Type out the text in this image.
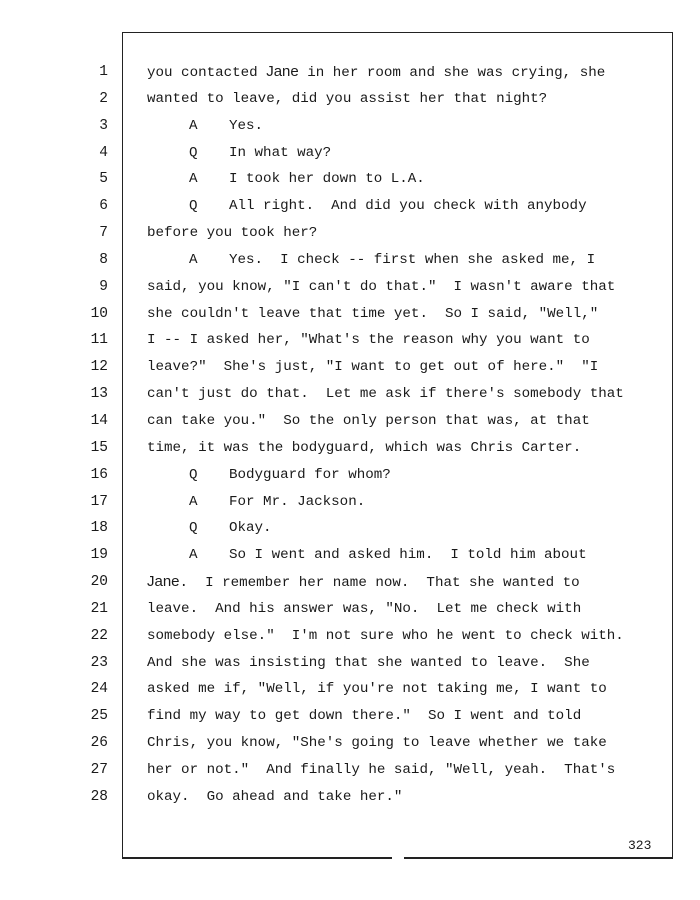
1
2
3
4
5
6
7
8
9
10
11
12
13
14
15
16
17
18
19
20
21
22
23
24
25
26
27
28
you contacted Jane in her room and she was crying, she
wanted to leave, did you assist her that night?
A Yes.
Q In what way?
A I took her down to L.A.
Q All right.  And did you check with anybody
before you took her?
A Yes.  I check -- first when she asked me, I
said, you know, "I can't do that."  I wasn't aware that
she couldn't leave that time yet.  So I said, "Well,"
I -- I asked her, "What's the reason why you want to
leave?"  She's just, "I want to get out of here."  "I
can't just do that.  Let me ask if there's somebody that
can take you."  So the only person that was, at that
time, it was the bodyguard, which was Chris Carter.
Q Bodyguard for whom?
A For Mr. Jackson.
Q Okay.
A So I went and asked him.  I told him about
Jane.  I remember her name now.  That she wanted to
leave.  And his answer was, "No.  Let me check with
somebody else."  I'm not sure who he went to check with.
And she was insisting that she wanted to leave.  She
asked me if, "Well, if you're not taking me, I want to
find my way to get down there."  So I went and told
Chris, you know, "She's going to leave whether we take
her or not."  And finally he said, "Well, yeah.  That's
okay.  Go ahead and take her."
323
